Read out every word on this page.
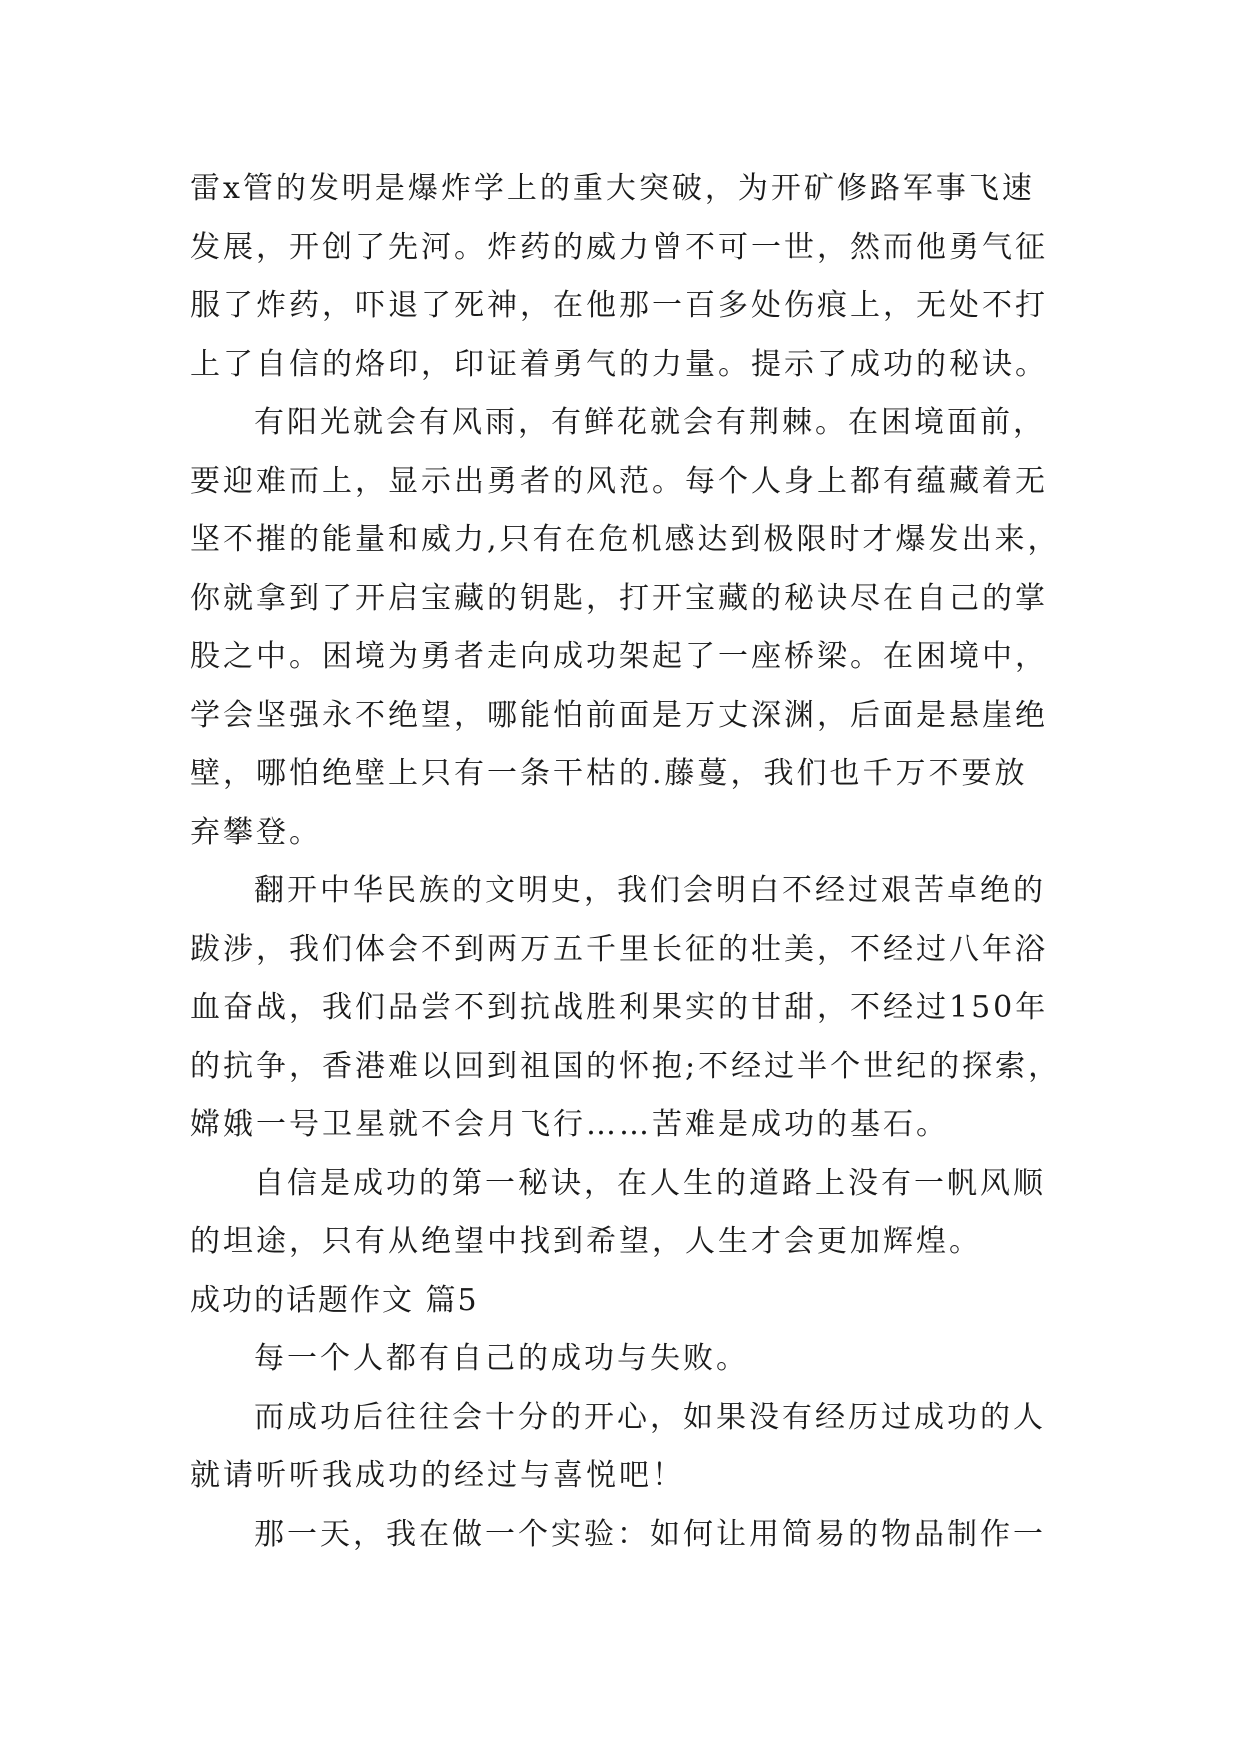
雷x管的发明是爆炸学上的重大突破，为开矿修路军事飞速
发展，开创了先河。炸药的威力曾不可一世，然而他勇气征
服了炸药，吓退了死神，在他那一百多处伤痕上，无处不打
上了自信的烙印，印证着勇气的力量。提示了成功的秘诀。
有阳光就会有风雨，有鲜花就会有荆棘。在困境面前，
要迎难而上，显示出勇者的风范。每个人身上都有蕴藏着无
坚不摧的能量和威力,只有在危机感达到极限时才爆发出来，
你就拿到了开启宝藏的钥匙，打开宝藏的秘诀尽在自己的掌
股之中。困境为勇者走向成功架起了一座桥梁。在困境中，
学会坚强永不绝望，哪能怕前面是万丈深渊，后面是悬崖绝
壁，哪怕绝壁上只有一条干枯的.藤蔓，我们也千万不要放
弃攀登。
翻开中华民族的文明史，我们会明白不经过艰苦卓绝的
跋涉，我们体会不到两万五千里长征的壮美，不经过八年浴
血奋战，我们品尝不到抗战胜利果实的甘甜，不经过150年
的抗争，香港难以回到祖国的怀抱;不经过半个世纪的探索，
嫦娥一号卫星就不会月飞行……苦难是成功的基石。
自信是成功的第一秘诀，在人生的道路上没有一帆风顺
的坦途，只有从绝望中找到希望，人生才会更加辉煌。
成功的话题作文 篇5
每一个人都有自己的成功与失败。
而成功后往往会十分的开心，如果没有经历过成功的人
就请听听我成功的经过与喜悦吧！
那一天，我在做一个实验：如何让用简易的物品制作一
